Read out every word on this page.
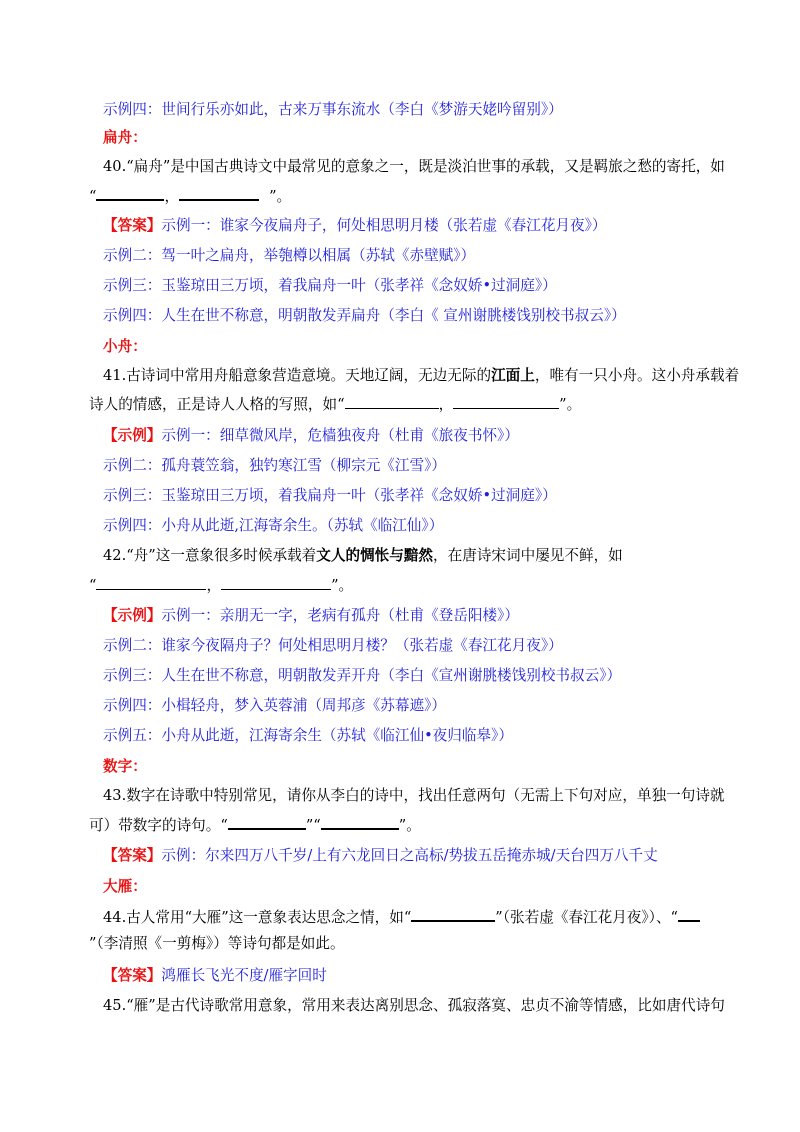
示例四：世间行乐亦如此，古来万事东流水（李白《梦游天姥吟留别》）
扁舟：
40.“扁舟”是中国古典诗文中最常见的意象之一，既是淡泊世事的承载，又是羁旅之愁的寄托，如
“	，	”。
【答案】示例一：谁家今夜扁舟子，何处相思明月楼（张若虚《春江花月夜》）
示例二：驾一叶之扁舟，举匏樽以相属（苏轼《赤壁赋》）
示例三：玉鉴琼田三万顷，着我扁舟一叶（张孝祥《念奴娇•过洞庭》）
示例四：人生在世不称意，明朝散发弄扁舟（李白《 宣州谢朓楼饯别校书叔云》）
小舟：
41.古诗词中常用舟船意象营造意境。天地辽阔，无边无际的江面上，唯有一只小舟。这小舟承载着
诗人的情感，正是诗人人格的写照，如“	，	”。
【示例】示例一：细草微风岸，危樯独夜舟（杜甫《旅夜书怀》）
示例二：孤舟蓑笠翁，独钓寒江雪（柳宗元《江雪》）
示例三：玉鉴琼田三万顷，着我扁舟一叶（张孝祥《念奴娇•过洞庭》）
示例四：小舟从此逝,江海寄余生。（苏轼《临江仙》）
42.“舟”这一意象很多时候承载着文人的惆怅与黯然，在唐诗宋词中屡见不鲜，如
“	，	”。
【示例】示例一：亲朋无一字，老病有孤舟（杜甫《登岳阳楼》）
示例二：谁家今夜隔舟子？何处相思明月楼？（张若虚《春江花月夜》）
示例三：人生在世不称意，明朝散发弄开舟（李白《宣州谢朓楼饯别校书叔云》）
示例四：小楫轻舟，梦入英蓉浦（周邦彦《苏幕遮》）
示例五：小舟从此逝，江海寄余生（苏轼《临江仙•夜归临皋》）
数字：
43.数字在诗歌中特别常见，请你从李白的诗中，找出任意两句（无需上下句对应，单独一句诗就
可）带数字的诗句。“	”“	”。
【答案】示例：尔来四万八千岁/上有六龙回日之高标/势拔五岳掩赤城/天台四万八千丈
大雁：
44.古人常用“大雁”这一意象表达思念之情，如“	”（张若虚《春江花月夜》）、“
”（李清照《一剪梅》）等诗句都是如此。
【答案】鸿雁长飞光不度/雁字回时
45.“雁”是古代诗歌常用意象，常用来表达离别思念、孤寂落寞、忠贞不渝等情感，比如唐代诗句
